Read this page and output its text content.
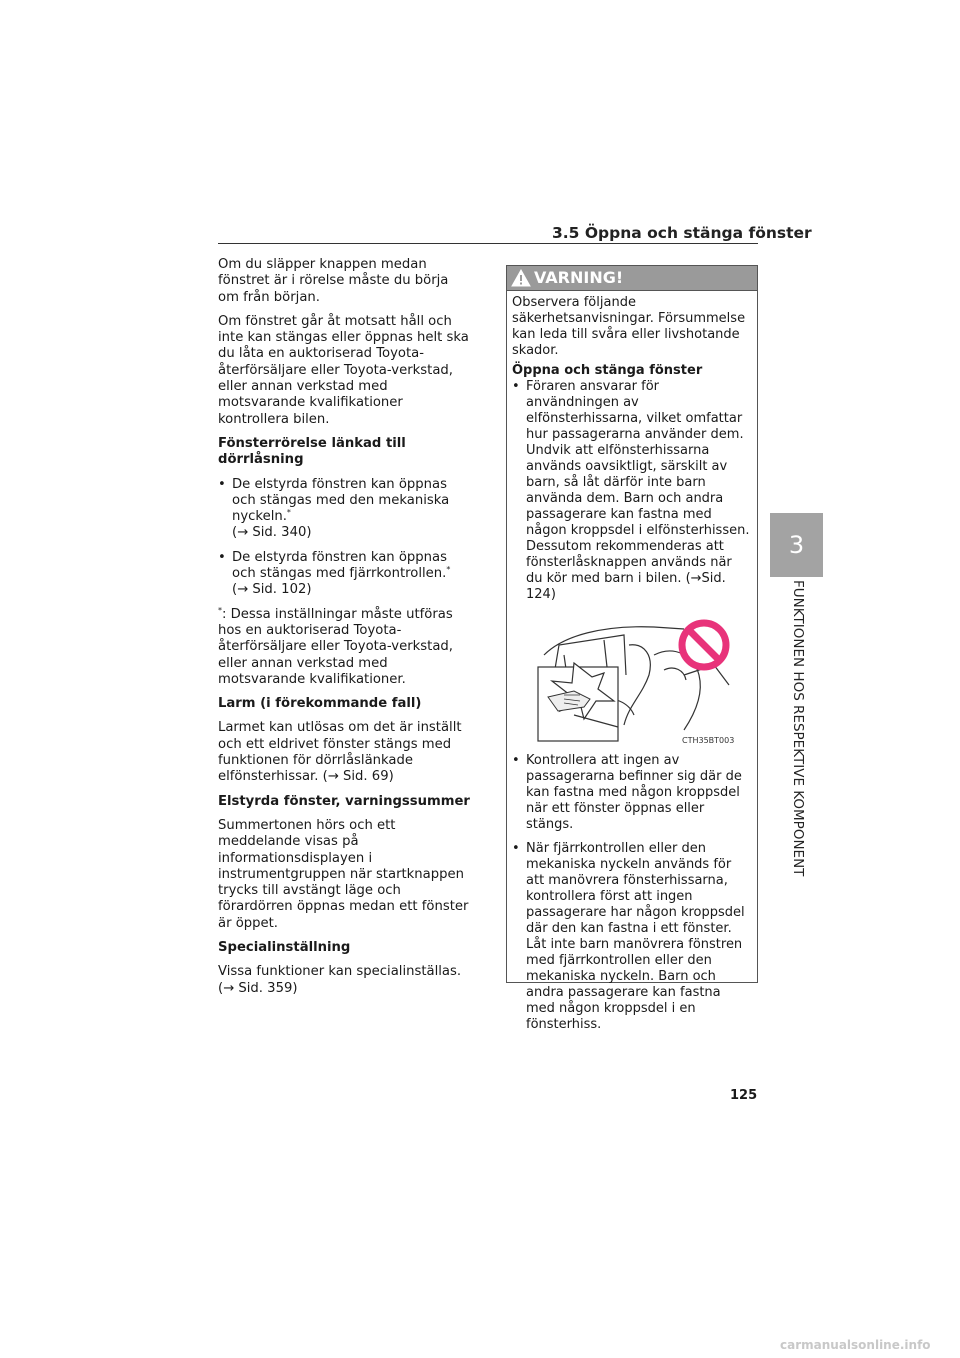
3.5 Öppna och stänga fönster

Om du släpper knappen medan fönstret är i rörelse måste du börja om från början.

Om fönstret går åt motsatt håll och inte kan stängas eller öppnas helt ska du låta en auktoriserad Toyota-återförsäljare eller Toyota-verkstad, eller annan verkstad med motsvarande kvalifikationer kontrollera bilen.

Fönsterrörelse länkad till dörrlåsning
• De elstyrda fönstren kan öppnas och stängas med den mekaniska nyckeln.*
(→ Sid. 340)
• De elstyrda fönstren kan öppnas och stängas med fjärrkontrollen.*
(→ Sid. 102)

*: Dessa inställningar måste utföras hos en auktoriserad Toyota-återförsäljare eller Toyota-verkstad, eller annan verkstad med motsvarande kvalifikationer.

Larm (i förekommande fall)

Larmet kan utlösas om det är inställt och ett eldrivet fönster stängs med funktionen för dörrlåslänkade elfönsterhissar. (→ Sid. 69)

Elstyrda fönster, varningssummer

Summertonen hörs och ett meddelande visas på informationsdisplayen i instrumentgruppen när startknappen trycks till avstängt läge och förardörren öppnas medan ett fönster är öppet.

Specialinställning

Vissa funktioner kan specialinställas. (→ Sid. 359)

VARNING!

Observera följande säkerhetsanvisningar. Försummelse kan leda till svåra eller livshotande skador.

Öppna och stänga fönster
• Föraren ansvarar för användningen av elfönsterhissarna, vilket omfattar hur passagerarna använder dem. Undvik att elfönsterhissarna används oavsiktligt, särskilt av barn, så låt därför inte barn använda dem. Barn och andra passagerare kan fastna med någon kroppsdel i elfönsterhissen. Dessutom rekommenderas att fönsterlåsknappen används när du kör med barn i bilen. (→Sid. 124)
CTH35BT003
• Kontrollera att ingen av passagerarna befinner sig där de kan fastna med någon kroppsdel när ett fönster öppnas eller stängs.
• När fjärrkontrollen eller den mekaniska nyckeln används för att manövrera fönsterhissarna, kontrollera först att ingen passagerare har någon kroppsdel där den kan fastna i ett fönster. Låt inte barn manövrera fönstren med fjärrkontrollen eller den mekaniska nyckeln. Barn och andra passagerare kan fastna med någon kroppsdel i en fönsterhiss.
3
FUNKTIONEN HOS RESPEKTIVE KOMPONENT
125
carmanualsonline.info
